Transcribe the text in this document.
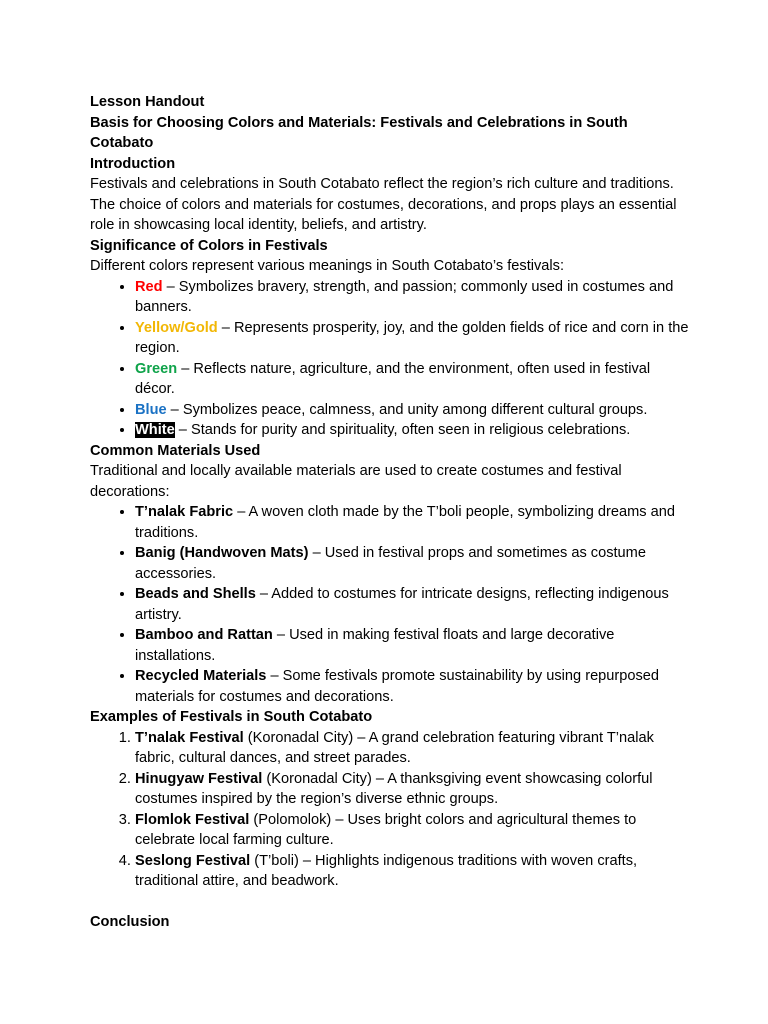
Lesson Handout

Basis for Choosing Colors and Materials: Festivals and Celebrations in South Cotabato

Introduction

Festivals and celebrations in South Cotabato reflect the region’s rich culture and traditions. The choice of colors and materials for costumes, decorations, and props plays an essential role in showcasing local identity, beliefs, and artistry.

Significance of Colors in Festivals

Different colors represent various meanings in South Cotabato’s festivals:

• Red – Symbolizes bravery, strength, and passion; commonly used in costumes and banners.
• Yellow/Gold – Represents prosperity, joy, and the golden fields of rice and corn in the region.
• Green – Reflects nature, agriculture, and the environment, often used in festival décor.
• Blue – Symbolizes peace, calmness, and unity among different cultural groups.
• White – Stands for purity and spirituality, often seen in religious celebrations.

Common Materials Used

Traditional and locally available materials are used to create costumes and festival decorations:

• T’nalak Fabric – A woven cloth made by the T’boli people, symbolizing dreams and traditions.
• Banig (Handwoven Mats) – Used in festival props and sometimes as costume accessories.
• Beads and Shells – Added to costumes for intricate designs, reflecting indigenous artistry.
• Bamboo and Rattan – Used in making festival floats and large decorative installations.
• Recycled Materials – Some festivals promote sustainability by using repurposed materials for costumes and decorations.

Examples of Festivals in South Cotabato

1. T’nalak Festival (Koronadal City) – A grand celebration featuring vibrant T’nalak fabric, cultural dances, and street parades.
2. Hinugyaw Festival (Koronadal City) – A thanksgiving event showcasing colorful costumes inspired by the region’s diverse ethnic groups.
3. Flomlok Festival (Polomolok) – Uses bright colors and agricultural themes to celebrate local farming culture.
4. Seslong Festival (T’boli) – Highlights indigenous traditions with woven crafts, traditional attire, and beadwork.

Conclusion
